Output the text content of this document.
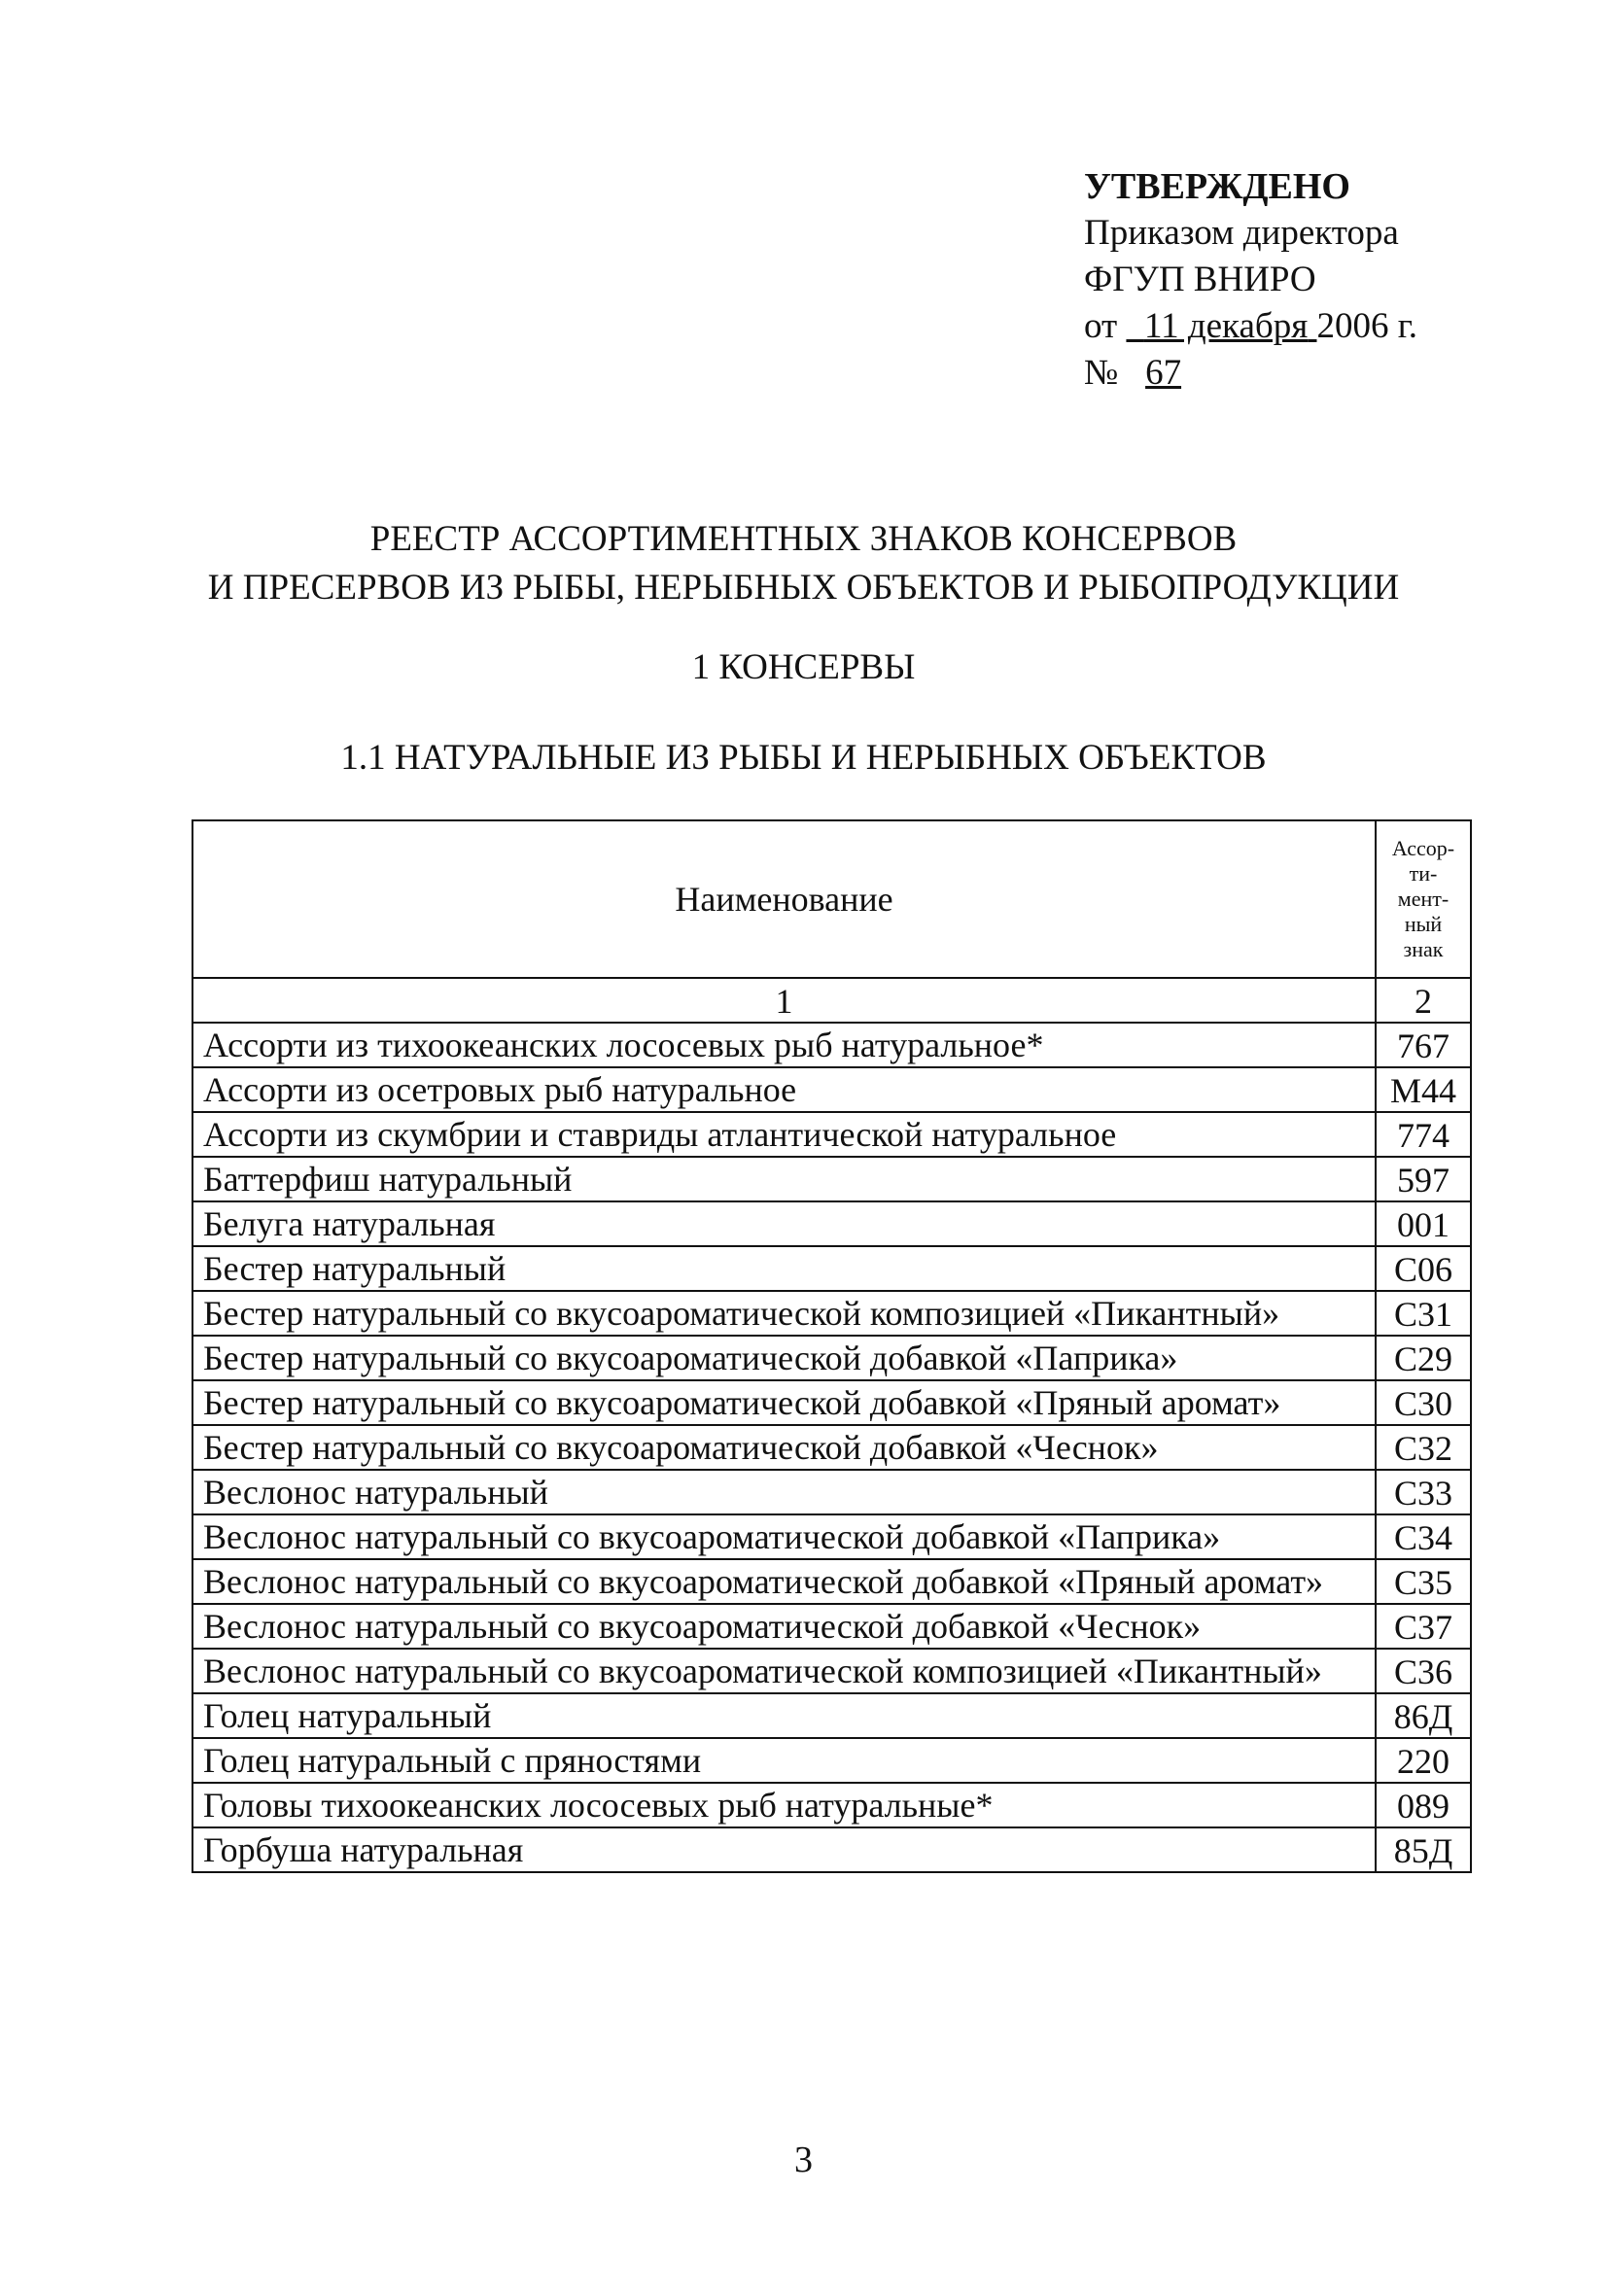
УТВЕРЖДЕНО
Приказом директора
ФГУП ВНИРО
от 11 декабря 2006 г.
№ 67
РЕЕСТР АССОРТИМЕНТНЫХ ЗНАКОВ КОНСЕРВОВ
И ПРЕСЕРВОВ ИЗ РЫБЫ, НЕРЫБНЫХ ОБЪЕКТОВ И РЫБОПРОДУКЦИИ
1 КОНСЕРВЫ
1.1 НАТУРАЛЬНЫЕ ИЗ РЫБЫ И НЕРЫБНЫХ ОБЪЕКТОВ
Наименование	Ассор-
ти-
мент-
ный
знак

1	2
Ассорти из тихоокеанских лососевых рыб натуральное*	767
Ассорти из осетровых рыб натуральное	М44
Ассорти из скумбрии и ставриды атлантической натуральное	774
Баттерфиш натуральный	597
Белуга натуральная	001
Бестер натуральный	С06
Бестер натуральный со вкусоароматической композицией «Пикантный»	С31
Бестер натуральный со вкусоароматической добавкой «Паприка»	С29
Бестер натуральный со вкусоароматической добавкой «Пряный аромат»	С30
Бестер натуральный со вкусоароматической добавкой «Чеснок»	С32
Веслонос натуральный	С33
Веслонос натуральный со вкусоароматической добавкой «Паприка»	С34
Веслонос натуральный со вкусоароматической добавкой «Пряный аромат»	С35
Веслонос натуральный со вкусоароматической добавкой «Чеснок»	С37
Веслонос натуральный со вкусоароматической композицией «Пикантный»	С36
Голец натуральный	86Д
Голец натуральный с пряностями	220
Головы тихоокеанских лососевых рыб натуральные*	089
Горбуша натуральная	85Д
3
